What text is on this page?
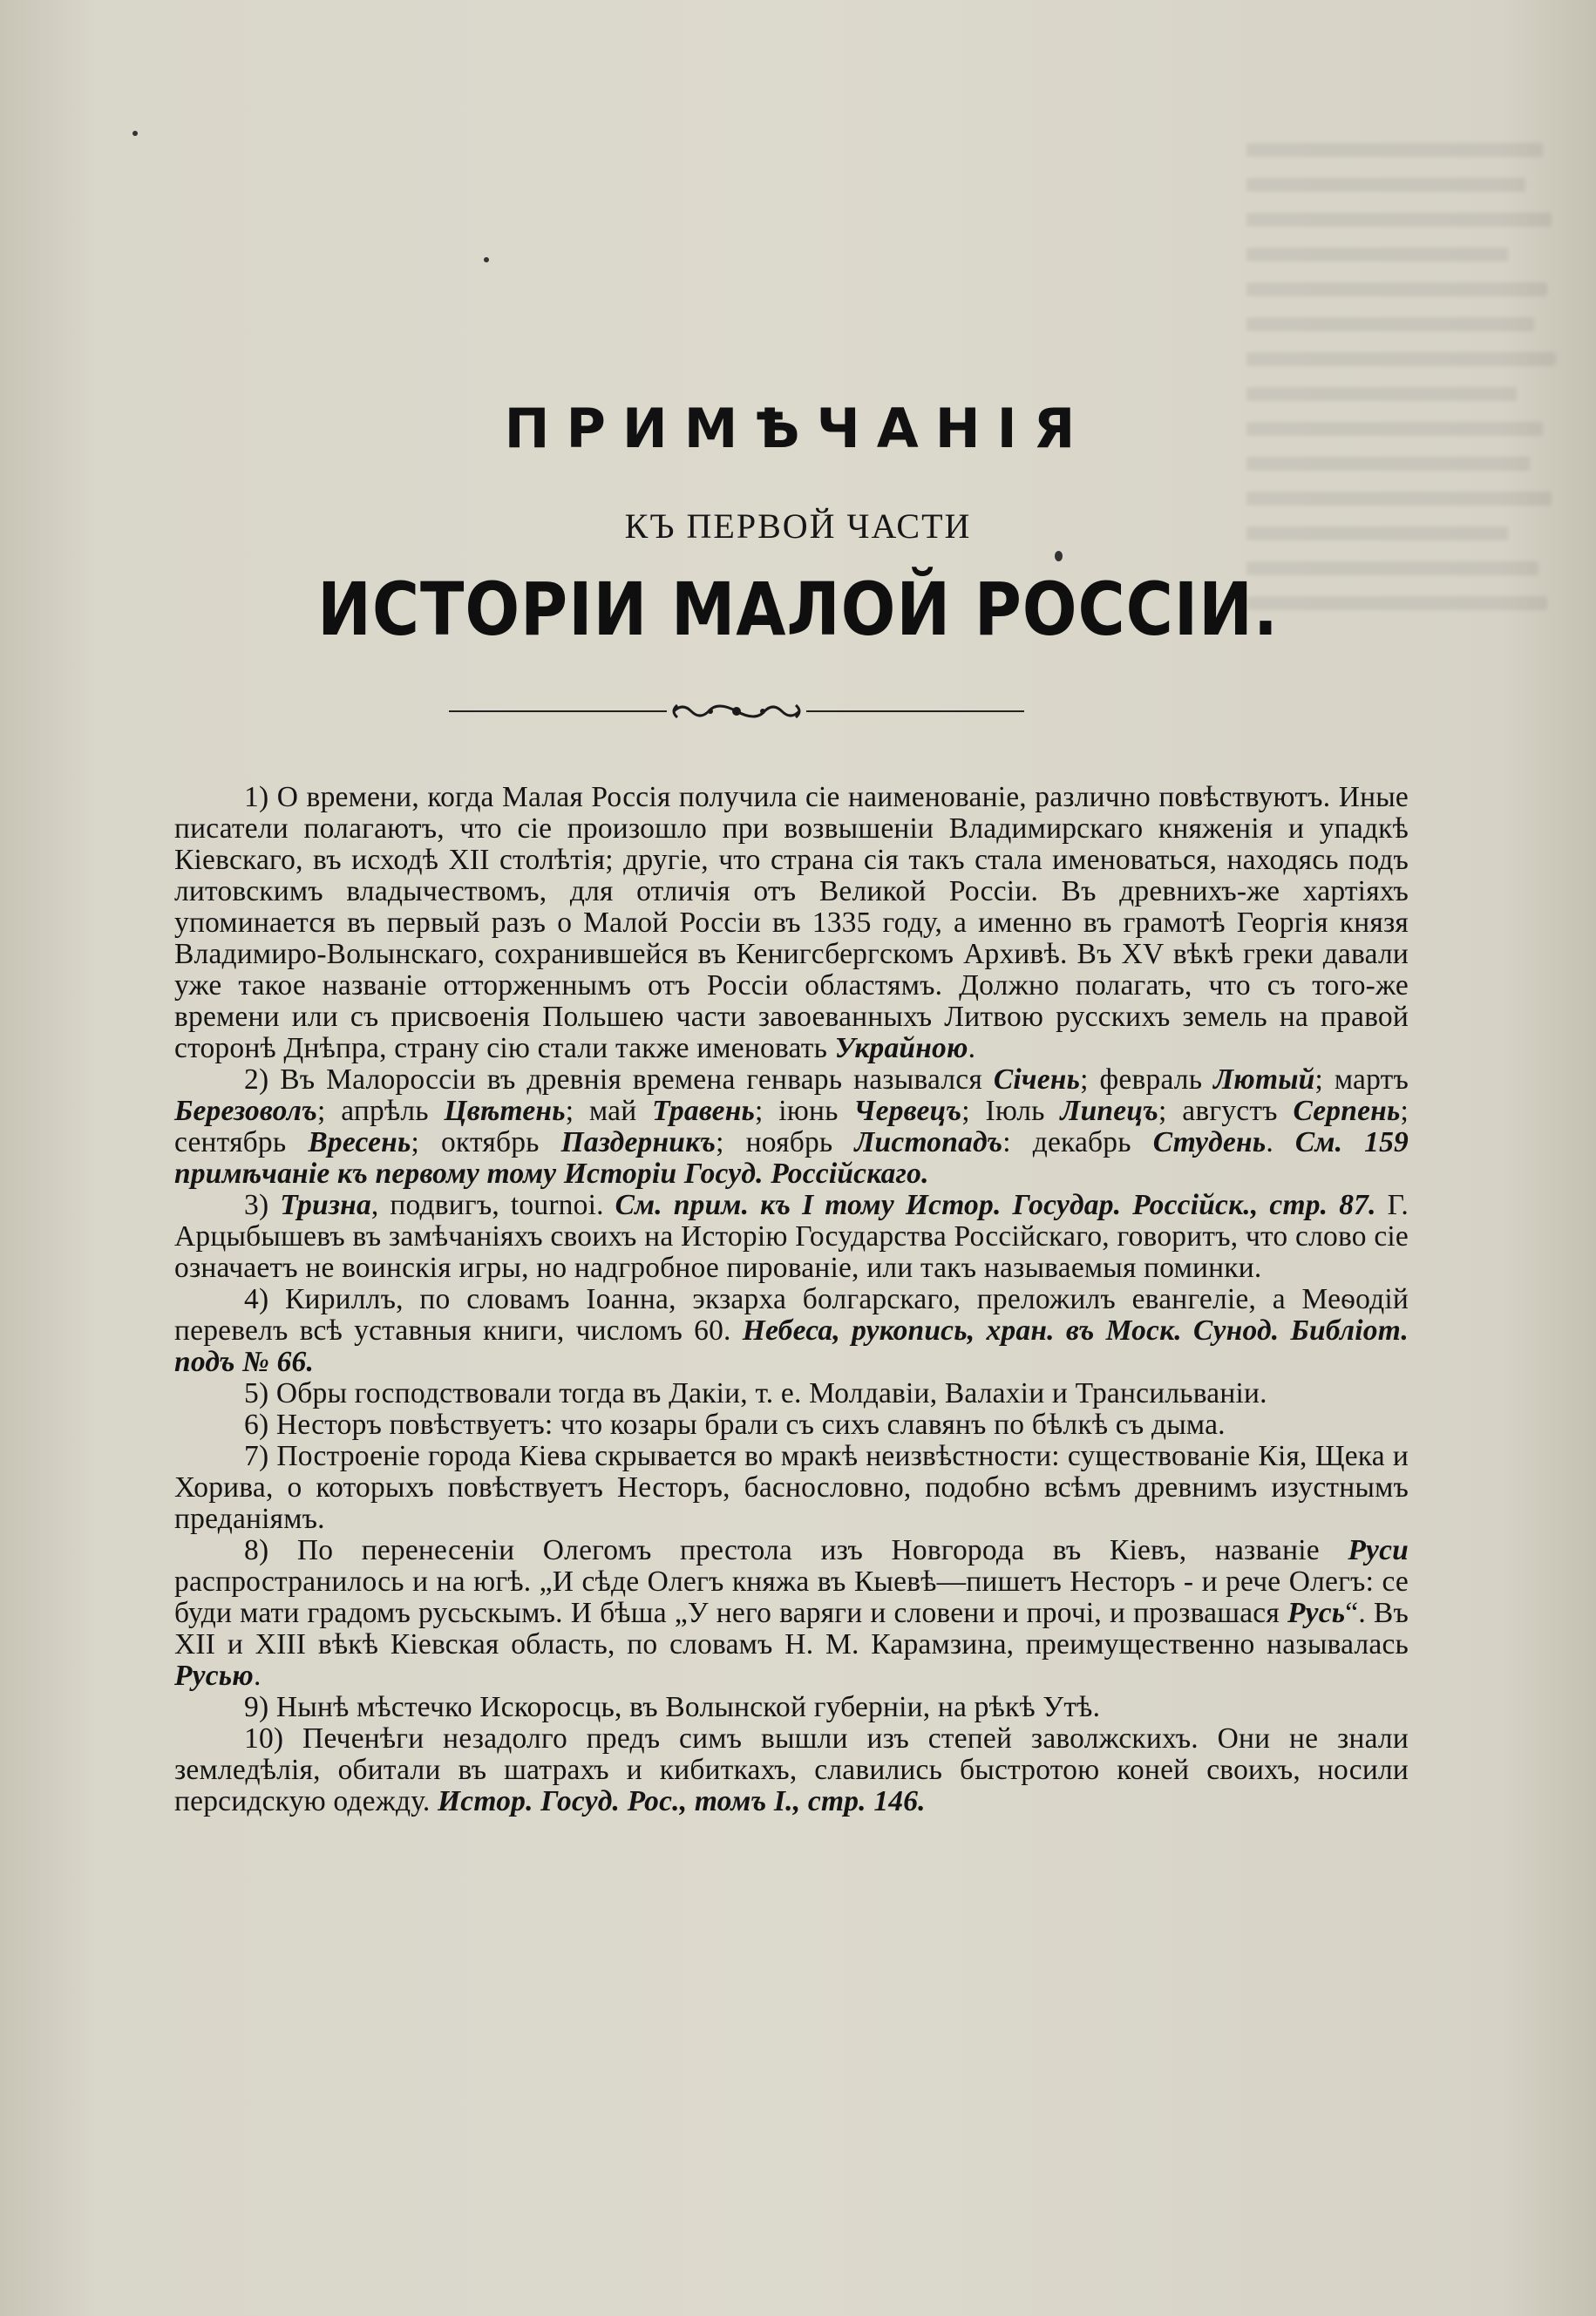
ПРИМѢЧАНІЯ
КЪ ПЕРВОЙ ЧАСТИ
ИСТОРІИ МАЛОЙ РОССІИ.

1) О времени, когда Малая Россія получила сіе наименованіе, различно повѣствуютъ. Иные писатели полагаютъ, что сіе произошло при возвышеніи Владимирскаго княженія и упадкѣ Кіевскаго, въ исходѣ XII столѣтія; другіе, что страна сія такъ стала именоваться, находясь подъ литовскимъ владычествомъ, для отличія отъ Великой Россіи. Въ древнихъ-же хартіяхъ упоминается въ первый разъ о Малой Россіи въ 1335 году, а именно въ грамотѣ Георгія князя Владимиро-Волынскаго, сохранившейся въ Кенигсбергскомъ Архивѣ. Въ XV вѣкѣ греки давали уже такое названіе отторженнымъ отъ Россіи областямъ. Должно полагать, что съ того-же времени или съ присвоенія Польшею части завоеванныхъ Литвою русскихъ земель на правой сторонѣ Днѣпра, страну сію стали также именовать Украйною.

2) Въ Малороссіи въ древнія времена генварь назывался Січень; февраль Лютый; мартъ Березоволъ; апрѣль Цвѣтень; май Травень; іюнь Червецъ; Іюль Липецъ; августъ Серпень; сентябрь Вресень; октябрь Паздерникъ; ноябрь Листопадъ: декабрь Студень. См. 159 примѣчаніе къ первому тому Исторіи Госуд. Россійскаго.

3) Тризна, подвигъ, tournoi. См. прим. къ I тому Истор. Государ. Россійск., стр. 87. Г. Арцыбышевъ въ замѣчаніяхъ своихъ на Исторію Государства Россійскаго, говоритъ, что слово сіе означаетъ не воинскія игры, но надгробное пированіе, или такъ называемыя поминки.

4) Кириллъ, по словамъ Іоанна, экзарха болгарскаго, преложилъ евангеліе, а Меѳодій перевелъ всѣ уставныя книги, числомъ 60. Небеса, рукопись, хран. въ Моск. Сунод. Библіот. подъ № 66.

5) Обры господствовали тогда въ Дакіи, т. е. Молдавіи, Валахіи и Трансильваніи.

6) Несторъ повѣствуетъ: что козары брали съ сихъ славянъ по бѣлкѣ съ дыма.

7) Построеніе города Кіева скрывается во мракѣ неизвѣстности: существованіе Кія, Щека и Хорива, о которыхъ повѣствуетъ Несторъ, баснословно, подобно всѣмъ древнимъ изустнымъ преданіямъ.

8) По перенесеніи Олегомъ престола изъ Новгорода въ Кіевъ, названіе Руси распространилось и на югѣ. „И сѣде Олегъ княжа въ Кыевѣ—пишетъ Несторъ - и рече Олегъ: се буди мати градомъ русьскымъ. И бѣша „У него варяги и словени и прочі, и прозвашася Русь“. Въ XII и XIII вѣкѣ Кіевская область, по словамъ Н. М. Карамзина, преимущественно называлась Русью.

9) Нынѣ мѣстечко Искоросць, въ Волынской губерніи, на рѣкѣ Утѣ.

10) Печенѣги незадолго предъ симъ вышли изъ степей заволжскихъ. Они не знали земледѣлія, обитали въ шатрахъ и кибиткахъ, славились быстротою коней своихъ, носили персидскую одежду. Истор. Госуд. Рос., томъ I., стр. 146.
